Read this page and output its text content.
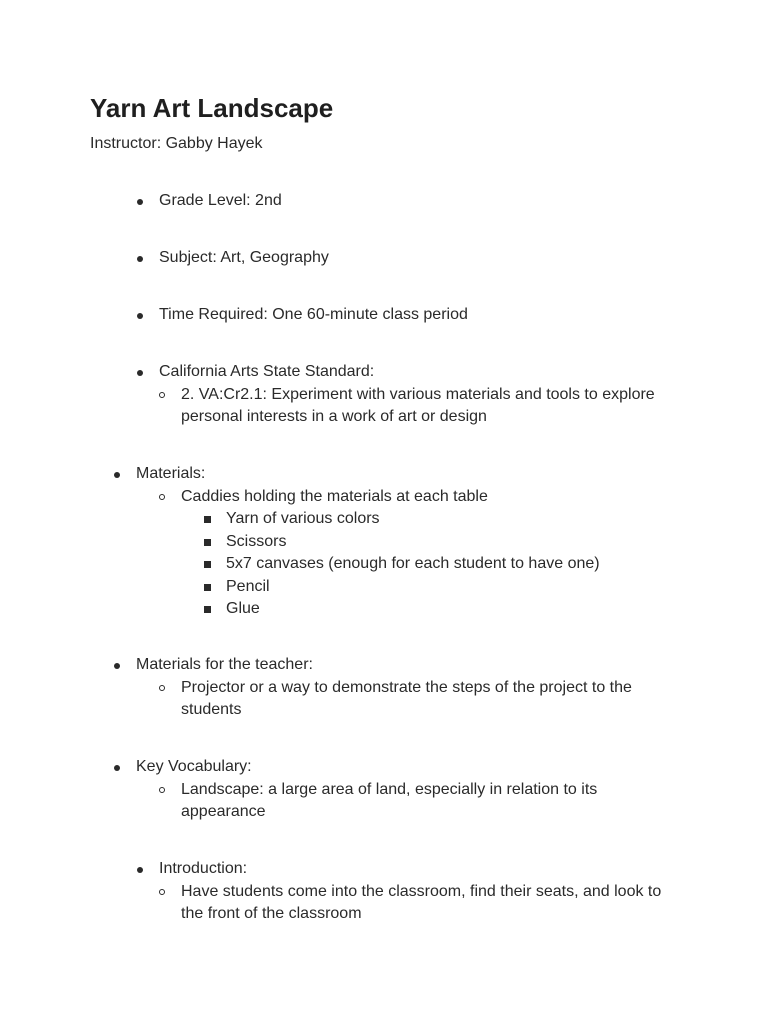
Yarn Art Landscape
Instructor: Gabby Hayek
Grade Level: 2nd
Subject: Art, Geography
Time Required: One 60-minute class period
California Arts State Standard:
2. VA:Cr2.1: Experiment with various materials and tools to explore
personal interests in a work of art or design
Materials:
Caddies holding the materials at each table
Yarn of various colors
Scissors
5x7 canvases (enough for each student to have one)
Pencil
Glue
Materials for the teacher:
Projector or a way to demonstrate the steps of the project to the
students
Key Vocabulary:
Landscape: a large area of land, especially in relation to its
appearance
Introduction:
Have students come into the classroom, find their seats, and look to
the front of the classroom
